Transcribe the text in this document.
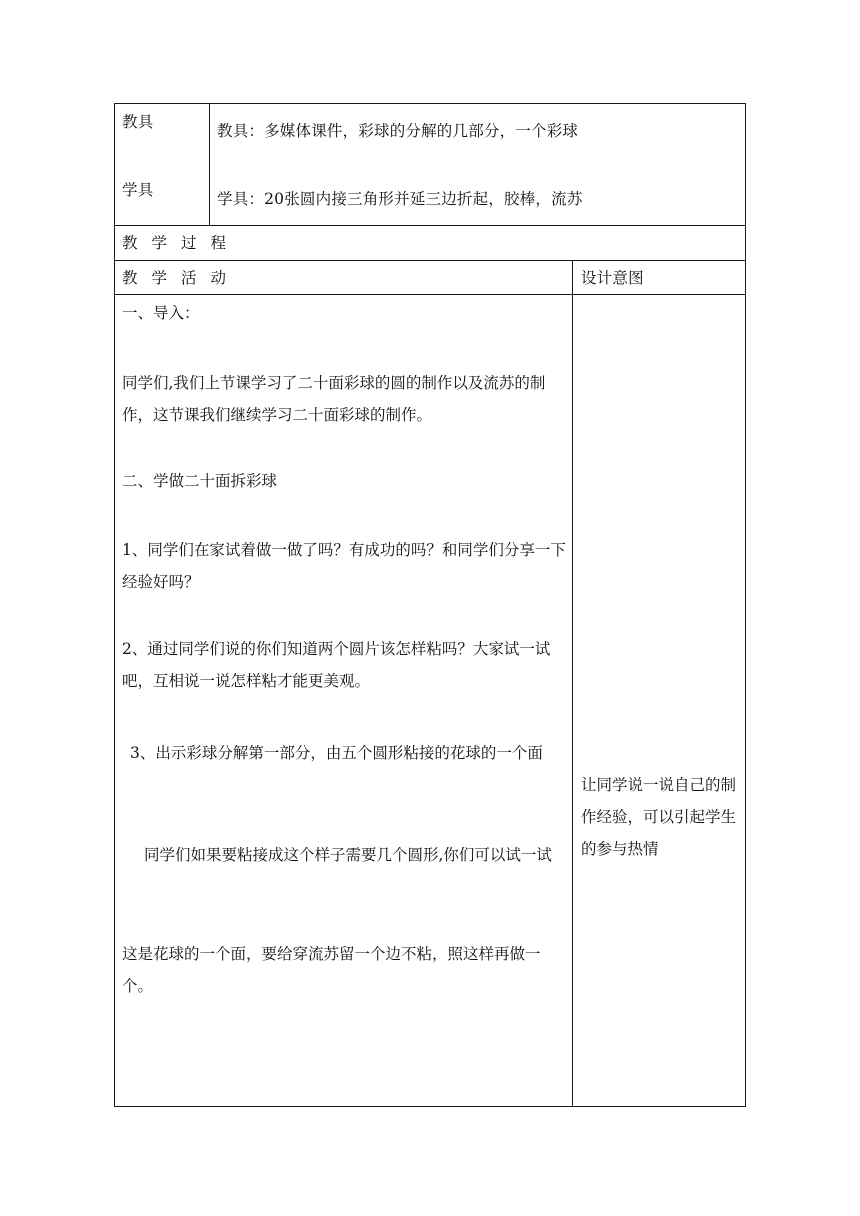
教具
学具
教具：多媒体课件，彩球的分解的几部分，一个彩球
学具：20张圆内接三角形并延三边折起，胶棒，流苏
教学过程
教学活动	设计意图
一、导入：
同学们,我们上节课学习了二十面彩球的圆的制作以及流苏的制作，这节课我们继续学习二十面彩球的制作。
二、学做二十面拆彩球
1、同学们在家试着做一做了吗？有成功的吗？和同学们分享一下经验好吗？
2、通过同学们说的你们知道两个圆片该怎样粘吗？大家试一试吧，互相说一说怎样粘才能更美观。
3、出示彩球分解第一部分，由五个圆形粘接的花球的一个面
同学们如果要粘接成这个样子需要几个圆形,你们可以试一试
这是花球的一个面，要给穿流苏留一个边不粘，照这样再做一个。
让同学说一说自己的制作经验，可以引起学生的参与热情
